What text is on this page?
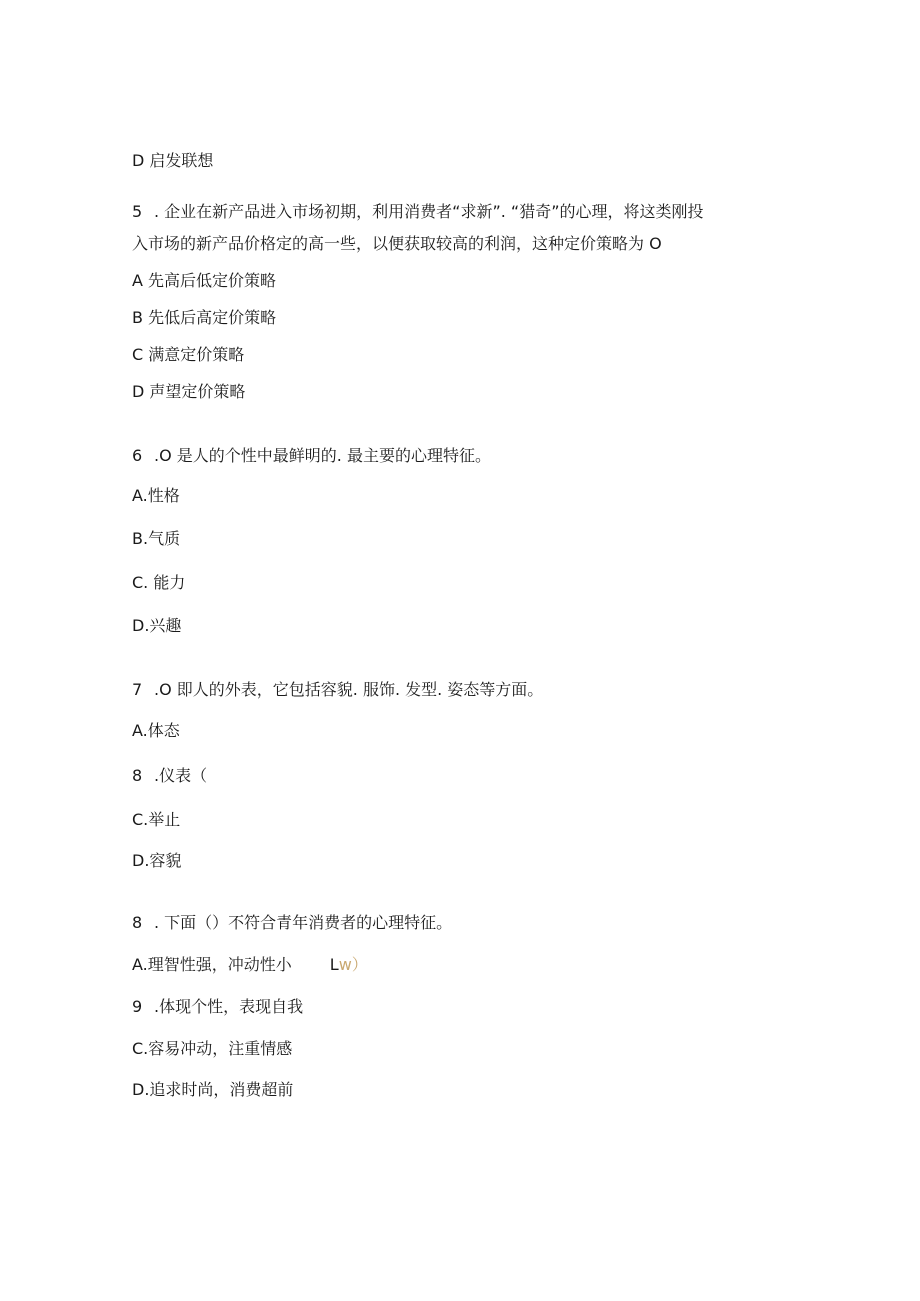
D 启发联想
5 . 企业在新产品进入市场初期，利用消费者“求新”. “猎奇”的心理，将这类刚投
入市场的新产品价格定的高一些，以便获取较高的利润，这种定价策略为 O
A 先高后低定价策略
B 先低后高定价策略
C 满意定价策略
D 声望定价策略
6 .O 是人的个性中最鲜明的. 最主要的心理特征。
A.性格
B.气质
C. 能力
D.兴趣
7 .O 即人的外表，它包括容貌. 服饰. 发型. 姿态等方面。
A.体态
8 .仪表（
C.举止
D.容貌
8 . 下面（）不符合青年消费者的心理特征。
A.理智性强，冲动性小 Lw）
9 .体现个性，表现自我
C.容易冲动，注重情感
D.追求时尚，消费超前
